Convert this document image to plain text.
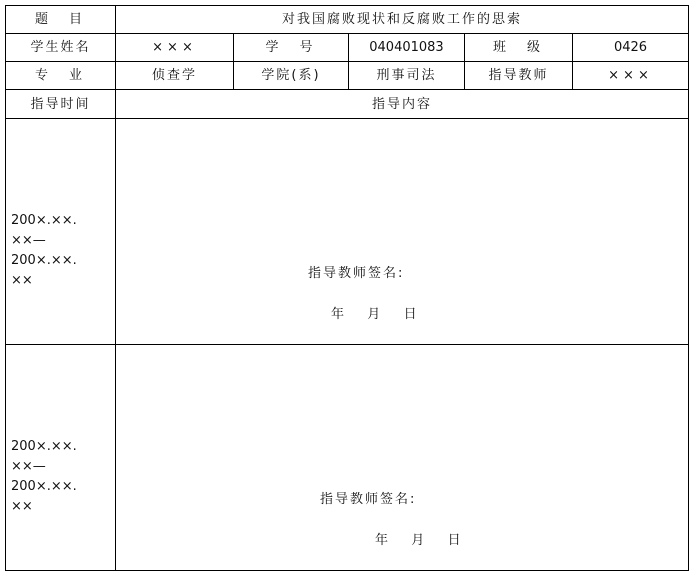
题　目	对我国腐败现状和反腐败工作的思索				
学生姓名	×××	学　号	040401083	班　级	0426
专　业	侦查学	学院(系)	刑事司法	指导教师	×××
指导时间	指导内容				

200×.××.
××—
200×.××.
××	指导教师签名:
年 月 日				

200×.××.
××—
200×.××.
××	指导教师签名:
年 月 日				
